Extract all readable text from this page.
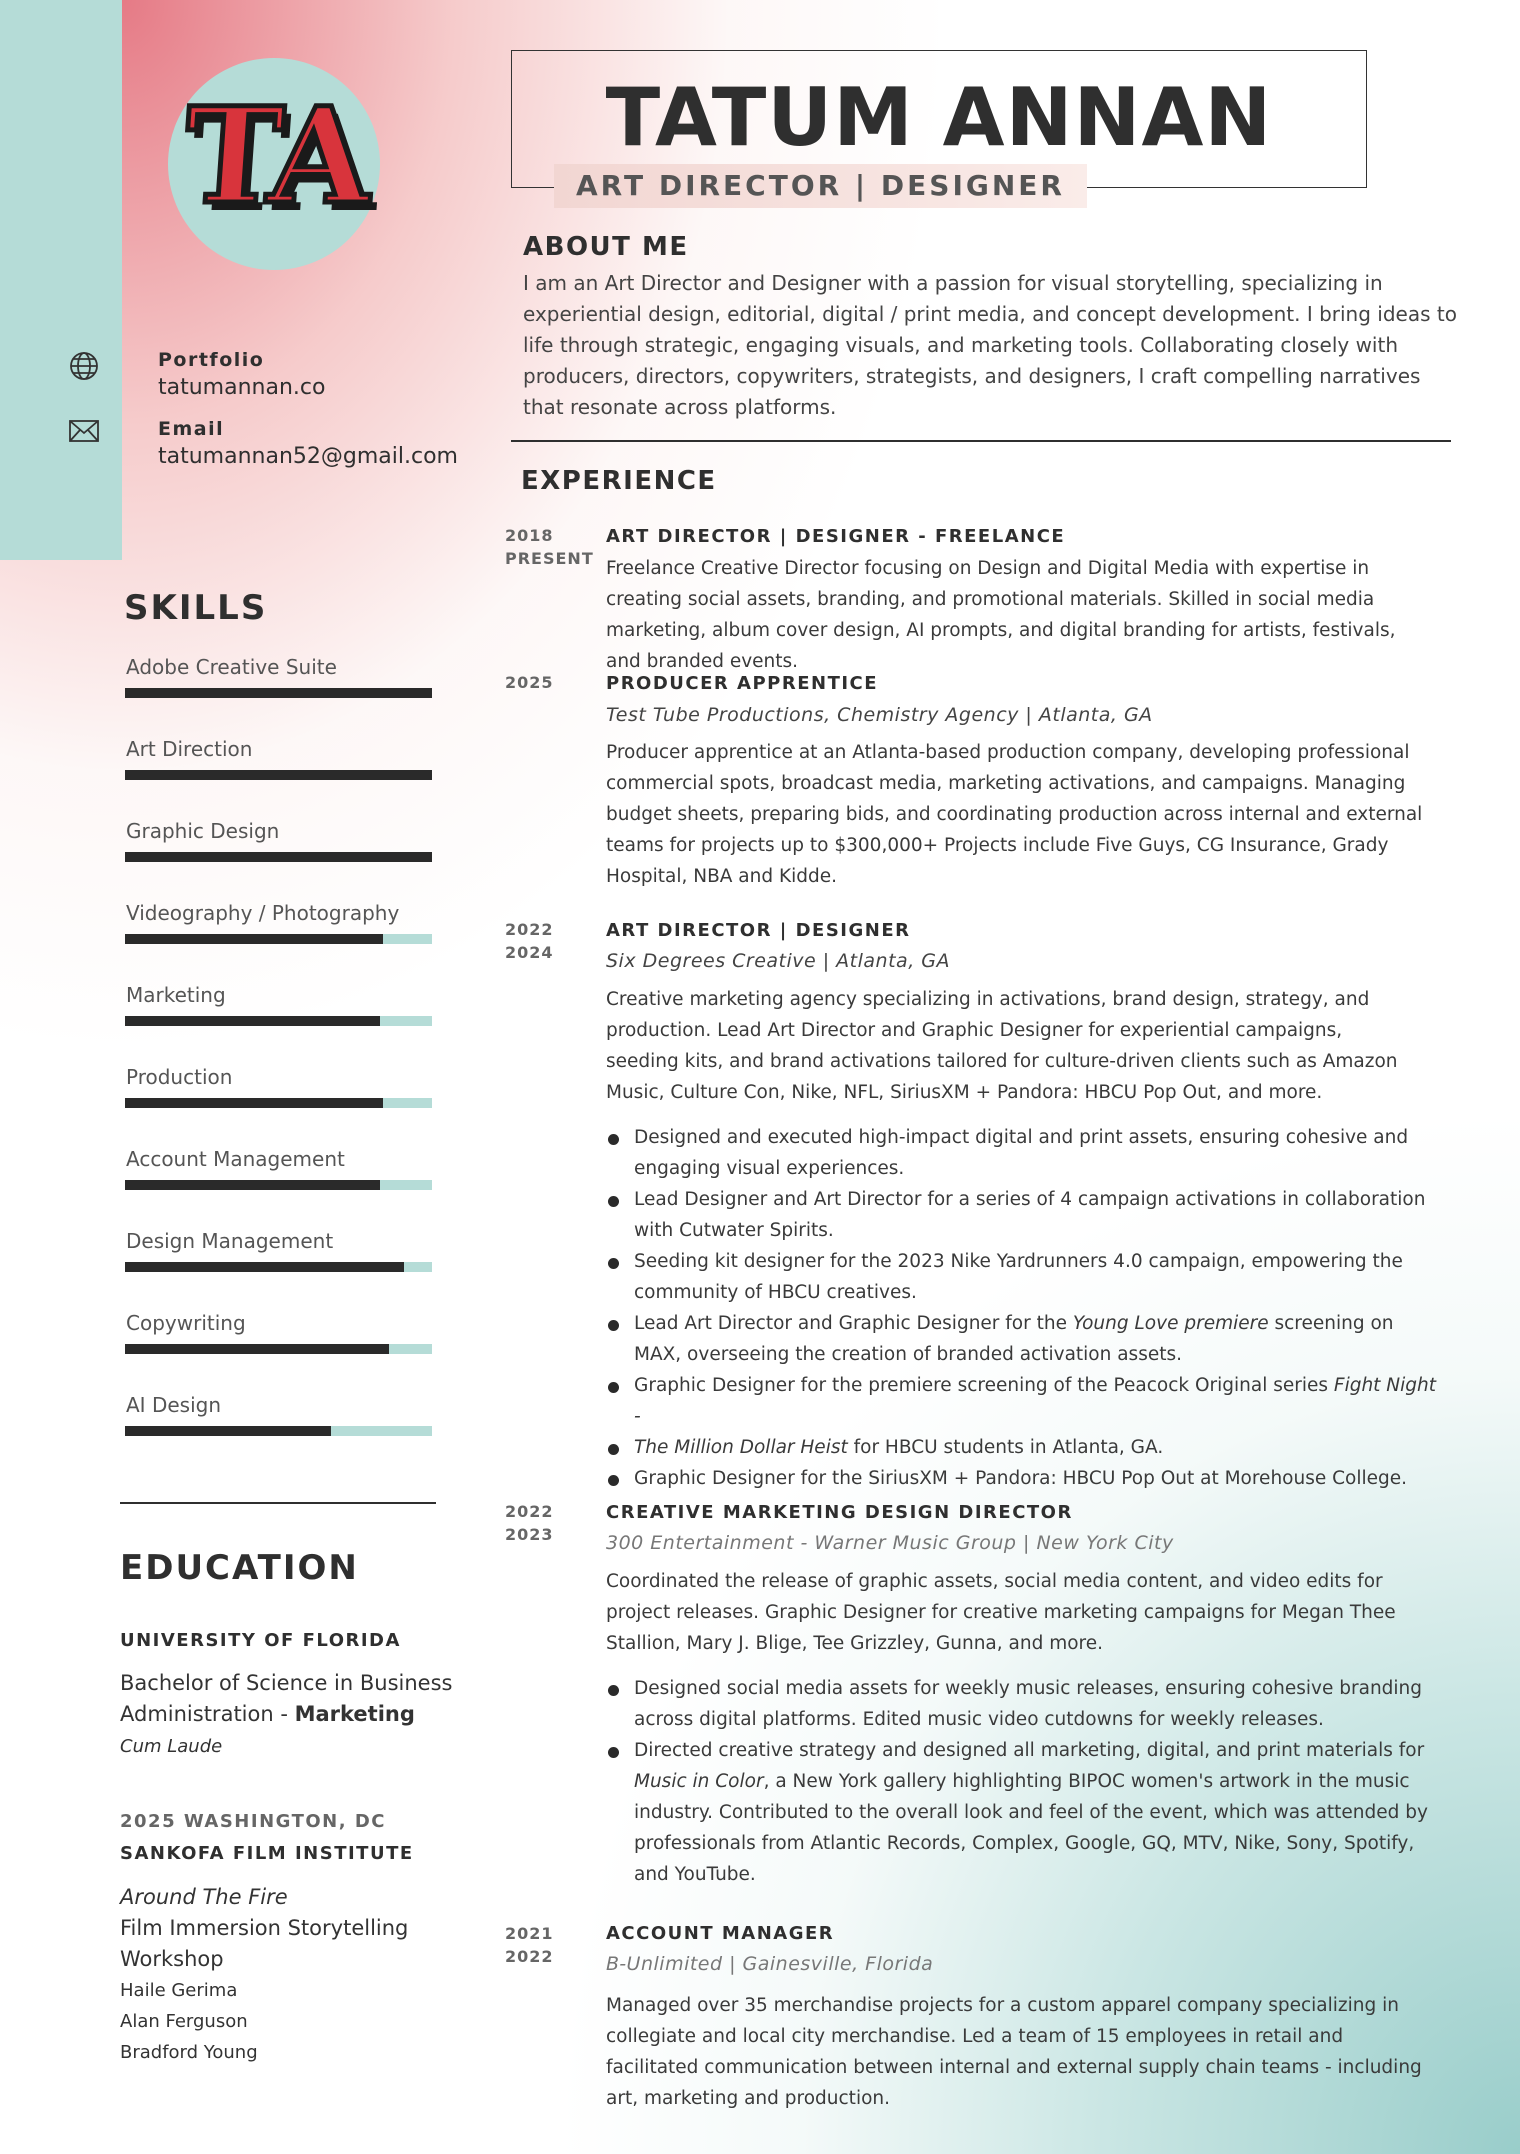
TA
Portfolio
tatumannan.co
Email
tatumannan52@gmail.com
SKILLS
Adobe Creative Suite
Art Direction
Graphic Design
Videography / Photography
Marketing
Production
Account Management
Design Management
Copywriting
AI Design
EDUCATION
UNIVERSITY OF FLORIDA
Bachelor of Science in Business
Administration - Marketing
Cum Laude
2025 WASHINGTON, DC
SANKOFA FILM INSTITUTE
Around The Fire
Film Immersion Storytelling
Workshop
Haile Gerima
Alan Ferguson
Bradford Young
TATUM ANNAN
ART DIRECTOR | DESIGNER
ABOUT ME

I am an Art Director and Designer with a passion for visual storytelling, specializing in experiential design, editorial, digital / print media, and concept development. I bring ideas to life through strategic, engaging visuals, and marketing tools. Collaborating closely with producers, directors, copywriters, strategists, and designers, I craft compelling narratives that resonate across platforms.

EXPERIENCE
2018
PRESENT
ART DIRECTOR | DESIGNER - FREELANCE

Freelance Creative Director focusing on Design and Digital Media with expertise in creating social assets, branding, and promotional materials. Skilled in social media marketing, album cover design, AI prompts, and digital branding for artists, festivals, and branded events.

2025	PRODUCER APPRENTICE
Test Tube Productions, Chemistry Agency | Atlanta, GA

Producer apprentice at an Atlanta-based production company, developing professional commercial spots, broadcast media, marketing activations, and campaigns. Managing budget sheets, preparing bids, and coordinating production across internal and external teams for projects up to $300,000+ Projects include Five Guys, CG Insurance, Grady Hospital, NBA and Kidde.

2022
2024
ART DIRECTOR | DESIGNER
Six Degrees Creative | Atlanta, GA

Creative marketing agency specializing in activations, brand design, strategy, and production. Lead Art Director and Graphic Designer for experiential campaigns, seeding kits, and brand activations tailored for culture-driven clients such as Amazon Music, Culture Con, Nike, NFL, SiriusXM + Pandora: HBCU Pop Out, and more.

Designed and executed high-impact digital and print assets, ensuring cohesive and engaging visual experiences.
Lead Designer and Art Director for a series of 4 campaign activations in collaboration with Cutwater Spirits.
Seeding kit designer for the 2023 Nike Yardrunners 4.0 campaign, empowering the community of HBCU creatives.
Lead Art Director and Graphic Designer for the Young Love premiere screening on MAX, overseeing the creation of branded activation assets.
Graphic Designer for the premiere screening of the Peacock Original series Fight Night -
The Million Dollar Heist for HBCU students in Atlanta, GA.
Graphic Designer for the SiriusXM + Pandora: HBCU Pop Out at Morehouse College.
2022
2023
CREATIVE MARKETING DESIGN DIRECTOR
300 Entertainment - Warner Music Group | New York City

Coordinated the release of graphic assets, social media content, and video edits for project releases. Graphic Designer for creative marketing campaigns for Megan Thee Stallion, Mary J. Blige, Tee Grizzley, Gunna, and more.

Designed social media assets for weekly music releases, ensuring cohesive branding across digital platforms. Edited music video cutdowns for weekly releases.
Directed creative strategy and designed all marketing, digital, and print materials for Music in Color, a New York gallery highlighting BIPOC women's artwork in the music industry. Contributed to the overall look and feel of the event, which was attended by professionals from Atlantic Records, Complex, Google, GQ, MTV, Nike, Sony, Spotify, and YouTube.
2021
2022
ACCOUNT MANAGER
B-Unlimited | Gainesville, Florida

Managed over 35 merchandise projects for a custom apparel company specializing in collegiate and local city merchandise. Led a team of 15 employees in retail and facilitated communication between internal and external supply chain teams - including art, marketing and production.
